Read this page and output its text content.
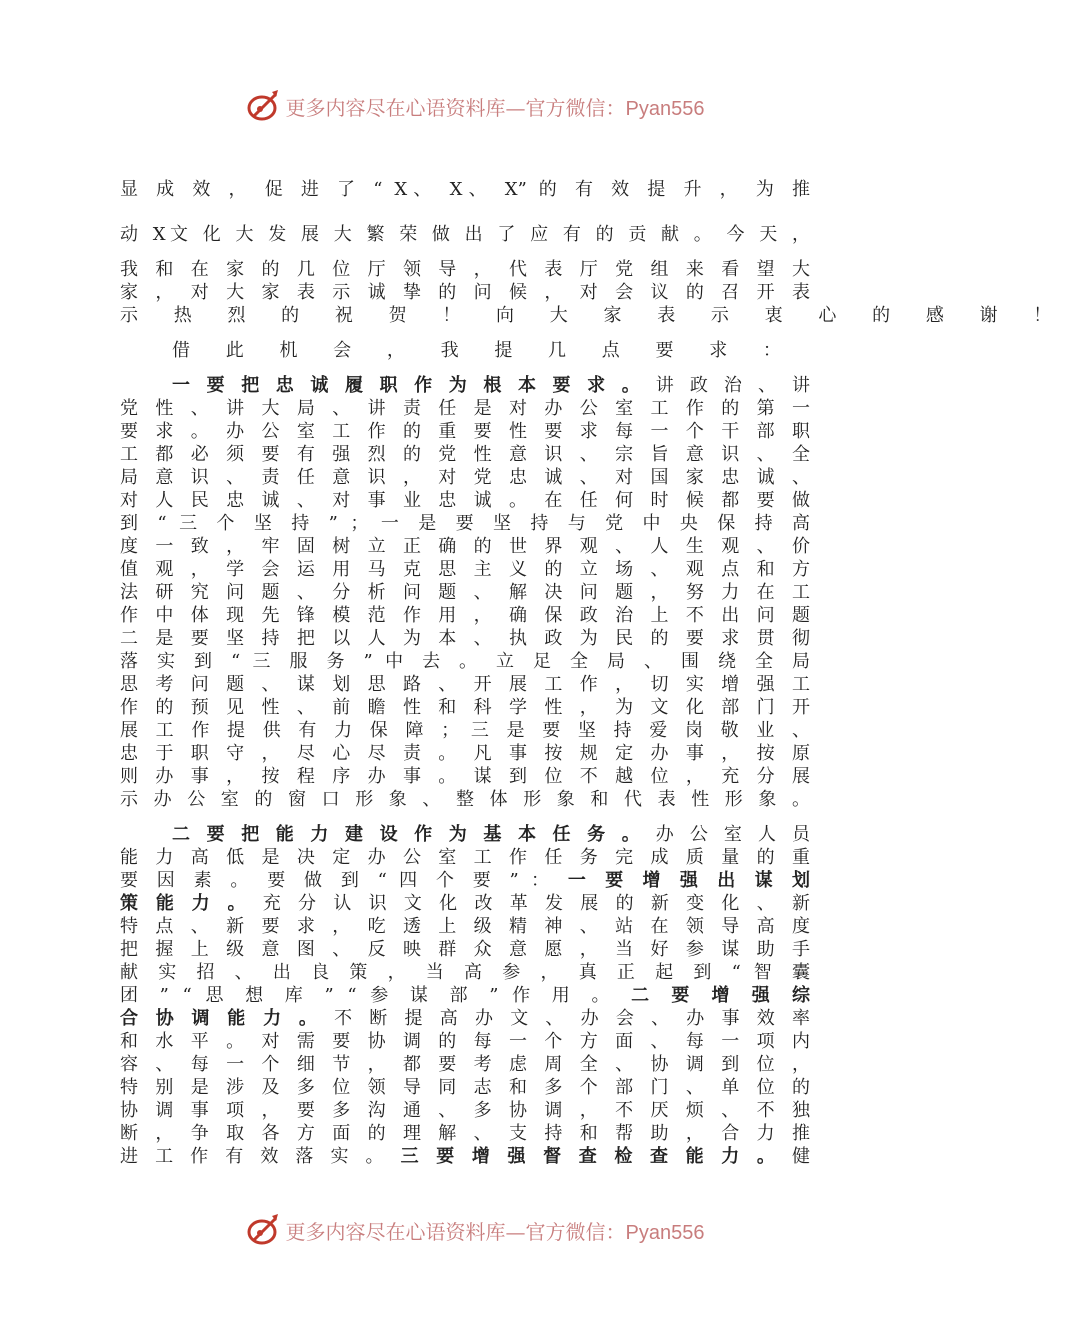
更多内容尽在心语资料库—官方微信：Pyan556
显 成 效 ， 促 进 了 “ X、 X、 X” 的 有 效 提 升 ， 为 推
动 X文 化 大 发 展 大 繁 荣 做 出 了 应 有 的 贡 献 。 今 天 ，
我 和 在 家 的 几 位 厅 领 导 ， 代 表 厅 党 组 来 看 望 大
家 ， 对 大 家 表 示 诚 挚 的 问 候 ， 对 会 议 的 召 开 表
示 热 烈 的 祝 贺 ！ 向 大 家 表 示 衷 心 的 感 谢 ！
借 此 机 会 ， 我 提 几 点 要 求 ：
一 要 把 忠 诚 履 职 作 为 根 本 要 求 。 讲 政 治 、 讲
党 性 、 讲 大 局 、 讲 责 任 是 对 办 公 室 工 作 的 第 一
要 求 。 办 公 室 工 作 的 重 要 性 要 求 每 一 个 干 部 职
工 都 必 须 要 有 强 烈 的 党 性 意 识 、 宗 旨 意 识 、 全
局 意 识 、 责 任 意 识 ， 对 党 忠 诚 、 对 国 家 忠 诚 、
对 人 民 忠 诚 、 对 事 业 忠 诚 。 在 任 何 时 候 都 要 做
到 “ 三 个 坚 持 ” ； 一 是 要 坚 持 与 党 中 央 保 持 高
度 一 致 ， 牢 固 树 立 正 确 的 世 界 观 、 人 生 观 、 价
值 观 ， 学 会 运 用 马 克 思 主 义 的 立 场 、 观 点 和 方
法 研 究 问 题 、 分 析 问 题 、 解 决 问 题 ， 努 力 在 工
作 中 体 现 先 锋 模 范 作 用 ， 确 保 政 治 上 不 出 问 题
二 是 要 坚 持 把 以 人 为 本 、 执 政 为 民 的 要 求 贯 彻
落 实 到 “ 三 服 务 ” 中 去 。 立 足 全 局 、 围 绕 全 局
思 考 问 题 、 谋 划 思 路 、 开 展 工 作 ， 切 实 增 强 工
作 的 预 见 性 、 前 瞻 性 和 科 学 性 ， 为 文 化 部 门 开
展 工 作 提 供 有 力 保 障 ； 三 是 要 坚 持 爱 岗 敬 业 、
忠 于 职 守 ， 尽 心 尽 责 。 凡 事 按 规 定 办 事 ， 按 原
则 办 事 ， 按 程 序 办 事 。 谋 到 位 不 越 位 ， 充 分 展
示 办 公 室 的 窗 口 形 象 、 整 体 形 象 和 代 表 性 形 象 。
二 要 把 能 力 建 设 作 为 基 本 任 务 。 办 公 室 人 员
能 力 高 低 是 决 定 办 公 室 工 作 任 务 完 成 质 量 的 重
要 因 素 。 要 做 到 “ 四 个 要 ” ： 一 要 增 强 出 谋 划
策 能 力 。 充 分 认 识 文 化 改 革 发 展 的 新 变 化 、 新
特 点 、 新 要 求 ， 吃 透 上 级 精 神 、 站 在 领 导 高 度
把 握 上 级 意 图 、 反 映 群 众 意 愿 ， 当 好 参 谋 助 手
献 实 招 、 出 良 策 ， 当 高 参 ， 真 正 起 到 “ 智 囊
团 ” “ 思 想 库 ” “ 参 谋 部 ” 作 用 。 二 要 增 强 综
合 协 调 能 力 。 不 断 提 高 办 文 、 办 会 、 办 事 效 率
和 水 平 。 对 需 要 协 调 的 每 一 个 方 面 、 每 一 项 内
容 、 每 一 个 细 节 ， 都 要 考 虑 周 全 、 协 调 到 位 ，
特 别 是 涉 及 多 位 领 导 同 志 和 多 个 部 门 、 单 位 的
协 调 事 项 ， 要 多 沟 通 、 多 协 调 ， 不 厌 烦 、 不 独
断 ， 争 取 各 方 面 的 理 解 、 支 持 和 帮 助 ， 合 力 推
进 工 作 有 效 落 实 。 三 要 增 强 督 查 检 查 能 力 。 健
更多内容尽在心语资料库—官方微信：Pyan556
